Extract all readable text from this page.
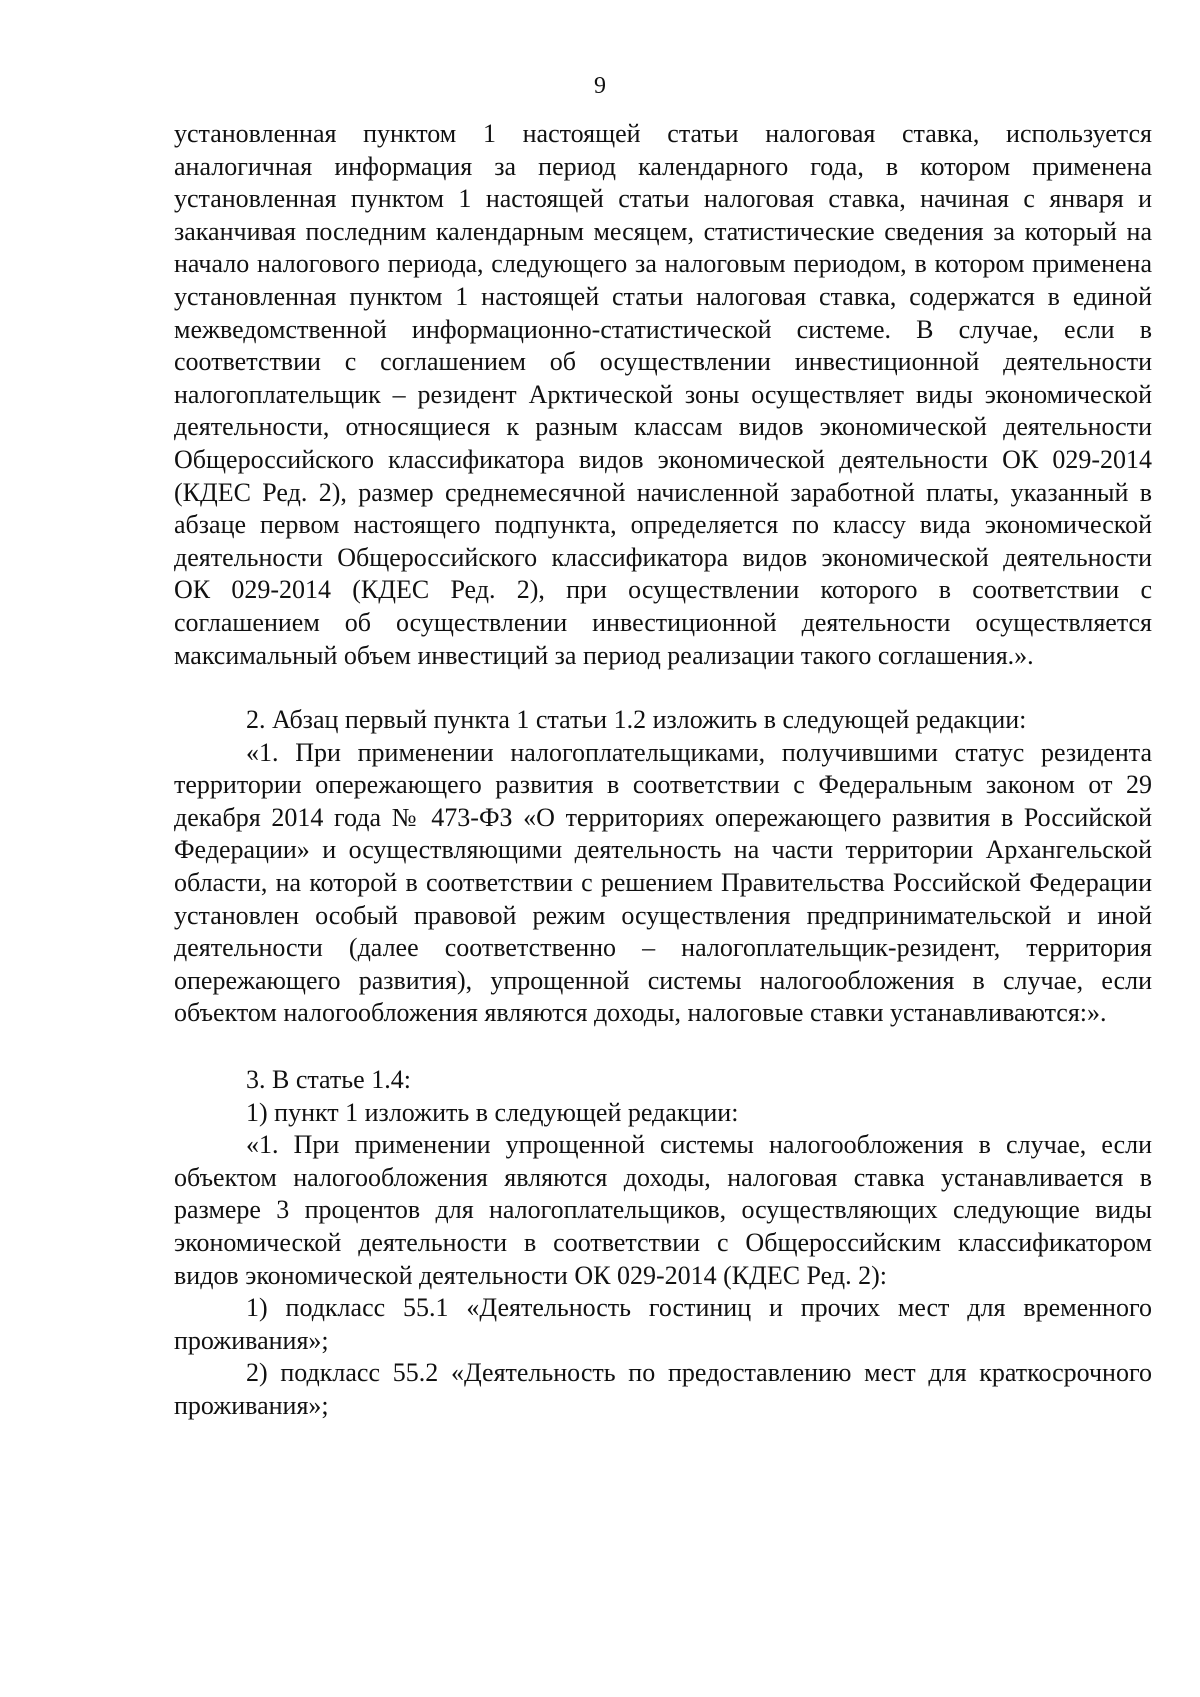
9

установленная пунктом 1 настоящей статьи налоговая ставка, используется аналогичная информация за период календарного года, в котором применена установленная пунктом 1 настоящей статьи налоговая ставка, начиная с января и заканчивая последним календарным месяцем, статистические сведения за который на начало налогового периода, следующего за налоговым периодом, в котором применена установленная пунктом 1 настоящей статьи налоговая ставка, содержатся в единой межведомственной информационно-статистической системе. В случае, если в соответствии с соглашением об осуществлении инвестиционной деятельности налогоплательщик – резидент Арктической зоны осуществляет виды экономической деятельности, относящиеся к разным классам видов экономической деятельности Общероссийского классификатора видов экономической деятельности ОК 029-2014 (КДЕС Ред. 2), размер среднемесячной начисленной заработной платы, указанный в абзаце первом настоящего подпункта, определяется по классу вида экономической деятельности Общероссийского классификатора видов экономической деятельности ОК 029-2014 (КДЕС Ред. 2), при осуществлении которого в соответствии с соглашением об осуществлении инвестиционной деятельности осуществляется максимальный объем инвестиций за период реализации такого соглашения.».

2. Абзац первый пункта 1 статьи 1.2 изложить в следующей редакции:

«1. При применении налогоплательщиками, получившими статус резидента территории опережающего развития в соответствии с Федеральным законом от 29 декабря 2014 года № 473-ФЗ «О территориях опережающего развития в Российской Федерации» и осуществляющими деятельность на части территории Архангельской области, на которой в соответствии с решением Правительства Российской Федерации установлен особый правовой режим осуществления предпринимательской и иной деятельности (далее соответственно – налогоплательщик-резидент, территория опережающего развития), упрощенной системы налогообложения в случае, если объектом налогообложения являются доходы, налоговые ставки устанавливаются:».

3. В статье 1.4:

1) пункт 1 изложить в следующей редакции:

«1. При применении упрощенной системы налогообложения в случае, если объектом налогообложения являются доходы, налоговая ставка устанавливается в размере 3 процентов для налогоплательщиков, осуществляющих следующие виды экономической деятельности в соответствии с Общероссийским классификатором видов экономической деятельности ОК 029-2014 (КДЕС Ред. 2):

1) подкласс 55.1 «Деятельность гостиниц и прочих мест для временного проживания»;

2) подкласс 55.2 «Деятельность по предоставлению мест для краткосрочного проживания»;
